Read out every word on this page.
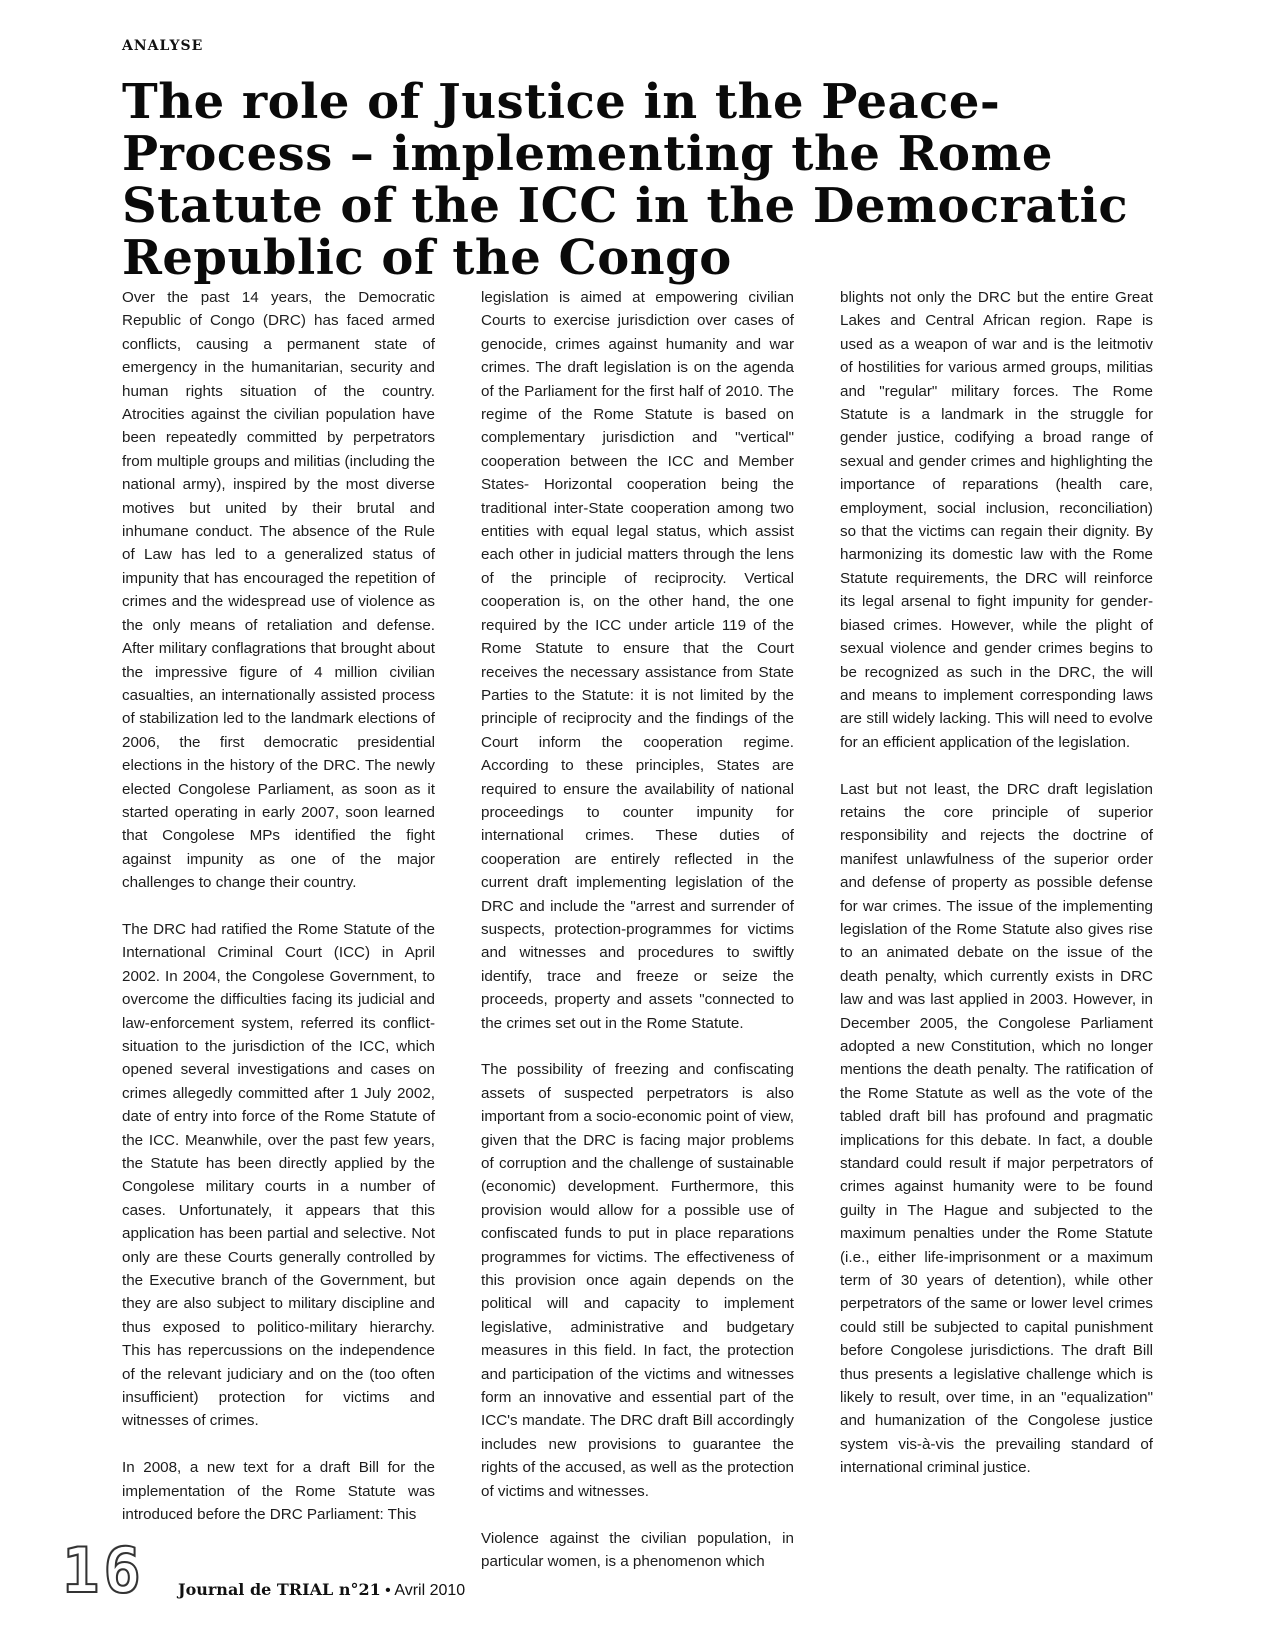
ANALYSE
The role of Justice in the Peace-Process – implementing the Rome Statute of the ICC in the Democratic Republic of the Congo

Over the past 14 years, the Democratic Republic of Congo (DRC) has faced armed conflicts, causing a permanent state of emergency in the humanitarian, security and human rights situation of the country. Atrocities against the civilian population have been repeatedly committed by perpetrators from multiple groups and militias (including the national army), inspired by the most diverse motives but united by their brutal and inhumane conduct. The absence of the Rule of Law has led to a generalized status of impunity that has encouraged the repetition of crimes and the widespread use of violence as the only means of retaliation and defense. After military conflagrations that brought about the impressive figure of 4 million civilian casualties, an internationally assisted process of stabilization led to the landmark elections of 2006, the first democratic presidential elections in the history of the DRC. The newly elected Congolese Parliament, as soon as it started operating in early 2007, soon learned that Congolese MPs identified the fight against impunity as one of the major challenges to change their country.

The DRC had ratified the Rome Statute of the International Criminal Court (ICC) in April 2002. In 2004, the Congolese Government, to overcome the difficulties facing its judicial and law-enforcement system, referred its conflict-situation to the jurisdiction of the ICC, which opened several investigations and cases on crimes allegedly committed after 1 July 2002, date of entry into force of the Rome Statute of the ICC. Meanwhile, over the past few years, the Statute has been directly applied by the Congolese military courts in a number of cases. Unfortunately, it appears that this application has been partial and selective. Not only are these Courts generally controlled by the Executive branch of the Government, but they are also subject to military discipline and thus exposed to politico-military hierarchy. This has repercussions on the independence of the relevant judiciary and on the (too often insufficient) protection for victims and witnesses of crimes.

In 2008, a new text for a draft Bill for the implementation of the Rome Statute was introduced before the DRC Parliament: This

legislation is aimed at empowering civilian Courts to exercise jurisdiction over cases of genocide, crimes against humanity and war crimes. The draft legislation is on the agenda of the Parliament for the first half of 2010. The regime of the Rome Statute is based on complementary jurisdiction and "vertical" cooperation between the ICC and Member States- Horizontal cooperation being the traditional inter-State cooperation among two entities with equal legal status, which assist each other in judicial matters through the lens of the principle of reciprocity. Vertical cooperation is, on the other hand, the one required by the ICC under article 119 of the Rome Statute to ensure that the Court receives the necessary assistance from State Parties to the Statute: it is not limited by the principle of reciprocity and the findings of the Court inform the cooperation regime. According to these principles, States are required to ensure the availability of national proceedings to counter impunity for international crimes. These duties of cooperation are entirely reflected in the current draft implementing legislation of the DRC and include the "arrest and surrender of suspects, protection-programmes for victims and witnesses and procedures to swiftly identify, trace and freeze or seize the proceeds, property and assets "connected to the crimes set out in the Rome Statute.

The possibility of freezing and confiscating assets of suspected perpetrators is also important from a socio-economic point of view, given that the DRC is facing major problems of corruption and the challenge of sustainable (economic) development. Furthermore, this provision would allow for a possible use of confiscated funds to put in place reparations programmes for victims. The effectiveness of this provision once again depends on the political will and capacity to implement legislative, administrative and budgetary measures in this field. In fact, the protection and participation of the victims and witnesses form an innovative and essential part of the ICC's mandate. The DRC draft Bill accordingly includes new provisions to guarantee the rights of the accused, as well as the protection of victims and witnesses.

Violence against the civilian population, in particular women, is a phenomenon which

blights not only the DRC but the entire Great Lakes and Central African region. Rape is used as a weapon of war and is the leitmotiv of hostilities for various armed groups, militias and "regular" military forces. The Rome Statute is a landmark in the struggle for gender justice, codifying a broad range of sexual and gender crimes and highlighting the importance of reparations (health care, employment, social inclusion, reconciliation) so that the victims can regain their dignity. By harmonizing its domestic law with the Rome Statute requirements, the DRC will reinforce its legal arsenal to fight impunity for gender-biased crimes. However, while the plight of sexual violence and gender crimes begins to be recognized as such in the DRC, the will and means to implement corresponding laws are still widely lacking. This will need to evolve for an efficient application of the legislation.

Last but not least, the DRC draft legislation retains the core principle of superior responsibility and rejects the doctrine of manifest unlawfulness of the superior order and defense of property as possible defense for war crimes. The issue of the implementing legislation of the Rome Statute also gives rise to an animated debate on the issue of the death penalty, which currently exists in DRC law and was last applied in 2003. However, in December 2005, the Congolese Parliament adopted a new Constitution, which no longer mentions the death penalty. The ratification of the Rome Statute as well as the vote of the tabled draft bill has profound and pragmatic implications for this debate. In fact, a double standard could result if major perpetrators of crimes against humanity were to be found guilty in The Hague and subjected to the maximum penalties under the Rome Statute (i.e., either life-imprisonment or a maximum term of 30 years of detention), while other perpetrators of the same or lower level crimes could still be subjected to capital punishment before Congolese jurisdictions. The draft Bill thus presents a legislative challenge which is likely to result, over time, in an "equalization" and humanization of the Congolese justice system vis-à-vis the prevailing standard of international criminal justice.

1 6 Journal de TRIAL n°21 • Avril 2010
